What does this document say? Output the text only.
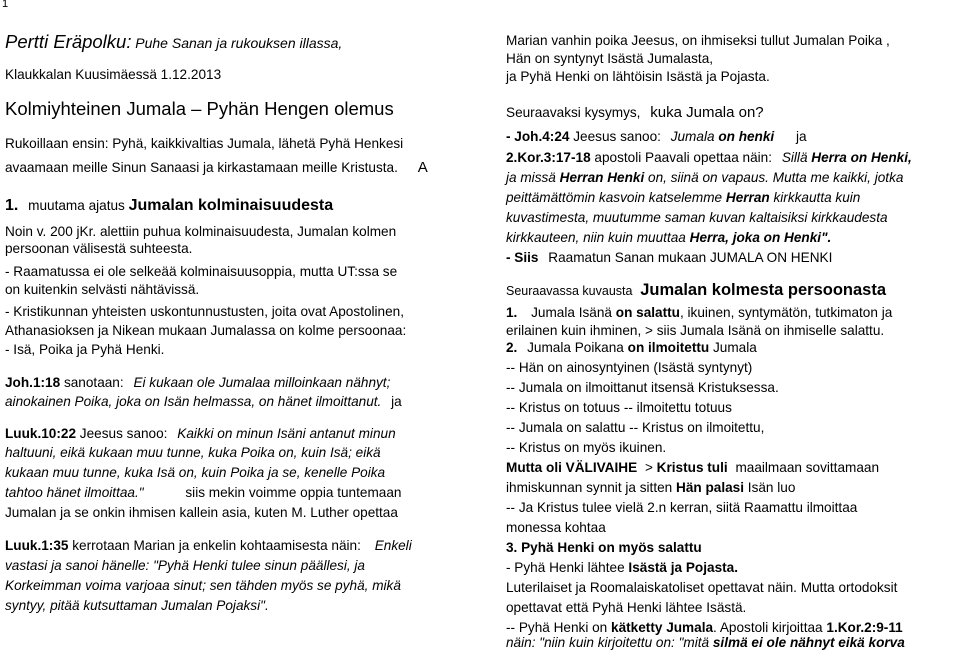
1
Pertti Eräpolku: Puhe Sanan ja rukouksen illassa,
Klaukkalan Kuusimäessä 1.12.2013
Kolmiyhteinen Jumala – Pyhän Hengen olemus
Rukoillaan ensin: Pyhä, kaikkivaltias Jumala, lähetä Pyhä Henkesi
avaamaan meille Sinun Sanaasi ja kirkastamaan meille Kristusta. A
1. muutama ajatus Jumalan kolminaisuudesta
Noin v. 200 jKr. alettiin puhua kolminaisuudesta, Jumalan kolmen
persoonan välisestä suhteesta.
- Raamatussa ei ole selkeää kolminaisuusoppia, mutta UT:ssa se
on kuitenkin selvästi nähtävissä.
- Kristikunnan yhteisten uskontunnustusten, joita ovat Apostolinen,
Athanasioksen ja Nikean mukaan Jumalassa on kolme persoonaa:
- Isä, Poika ja Pyhä Henki.
Joh.1:18 sanotaan: Ei kukaan ole Jumalaa milloinkaan nähnyt;
ainokainen Poika, joka on Isän helmassa, on hänet ilmoittanut. ja
Luuk.10:22 Jeesus sanoo: Kaikki on minun Isäni antanut minun
haltuuni, eikä kukaan muu tunne, kuka Poika on, kuin Isä; eikä
kukaan muu tunne, kuka Isä on, kuin Poika ja se, kenelle Poika
tahtoo hänet ilmoittaa."	siis mekin voimme oppia tuntemaan
Jumalan ja se onkin ihmisen kallein asia, kuten M. Luther opettaa
Luuk.1:35 kerrotaan Marian ja enkelin kohtaamisesta näin: Enkeli
vastasi ja sanoi hänelle: "Pyhä Henki tulee sinun päällesi, ja
Korkeimman voima varjoaa sinut; sen tähden myös se pyhä, mikä
syntyy, pitää kutsuttaman Jumalan Pojaksi".
Marian vanhin poika Jeesus, on ihmiseksi tullut Jumalan Poika ,
Hän on syntynyt Isästä Jumalasta,
ja Pyhä Henki on lähtöisin Isästä ja Pojasta.
Seuraavaksi kysymys, kuka Jumala on?
- Joh.4:24 Jeesus sanoo: Jumala on henki ja
2.Kor.3:17-18 apostoli Paavali opettaa näin: Sillä Herra on Henki,
ja missä Herran Henki on, siinä on vapaus. Mutta me kaikki, jotka
peittämättömin kasvoin katselemme Herran kirkkautta kuin
kuvastimesta, muutumme saman kuvan kaltaisiksi kirkkaudesta
kirkkauteen, niin kuin muuttaa Herra, joka on Henki".
- Siis Raamatun Sanan mukaan JUMALA ON HENKI
Seuraavassa kuvausta Jumalan kolmesta persoonasta
1. Jumala Isänä on salattu, ikuinen, syntymätön, tutkimaton ja
erilainen kuin ihminen, > siis Jumala Isänä on ihmiselle salattu.
2. Jumala Poikana on ilmoitettu Jumala
-- Hän on ainosyntyinen (Isästä syntynyt)
-- Jumala on ilmoittanut itsensä Kristuksessa.
-- Kristus on totuus -- ilmoitettu totuus
-- Jumala on salattu -- Kristus on ilmoitettu,
-- Kristus on myös ikuinen.
Mutta oli VÄLIVAIHE > Kristus tuli maailmaan sovittamaan
ihmiskunnan synnit ja sitten Hän palasi Isän luo
-- Ja Kristus tulee vielä 2.n kerran, siitä Raamattu ilmoittaa
monessa kohtaa
3. Pyhä Henki on myös salattu
- Pyhä Henki lähtee Isästä ja Pojasta.
Luterilaiset ja Roomalaiskatoliset opettavat näin. Mutta ortodoksit
opettavat että Pyhä Henki lähtee Isästä.
-- Pyhä Henki on kätketty Jumala. Apostoli kirjoittaa 1.Kor.2:9-11
näin: "niin kuin kirjoitettu on: "mitä silmä ei ole nähnyt eikä korva
